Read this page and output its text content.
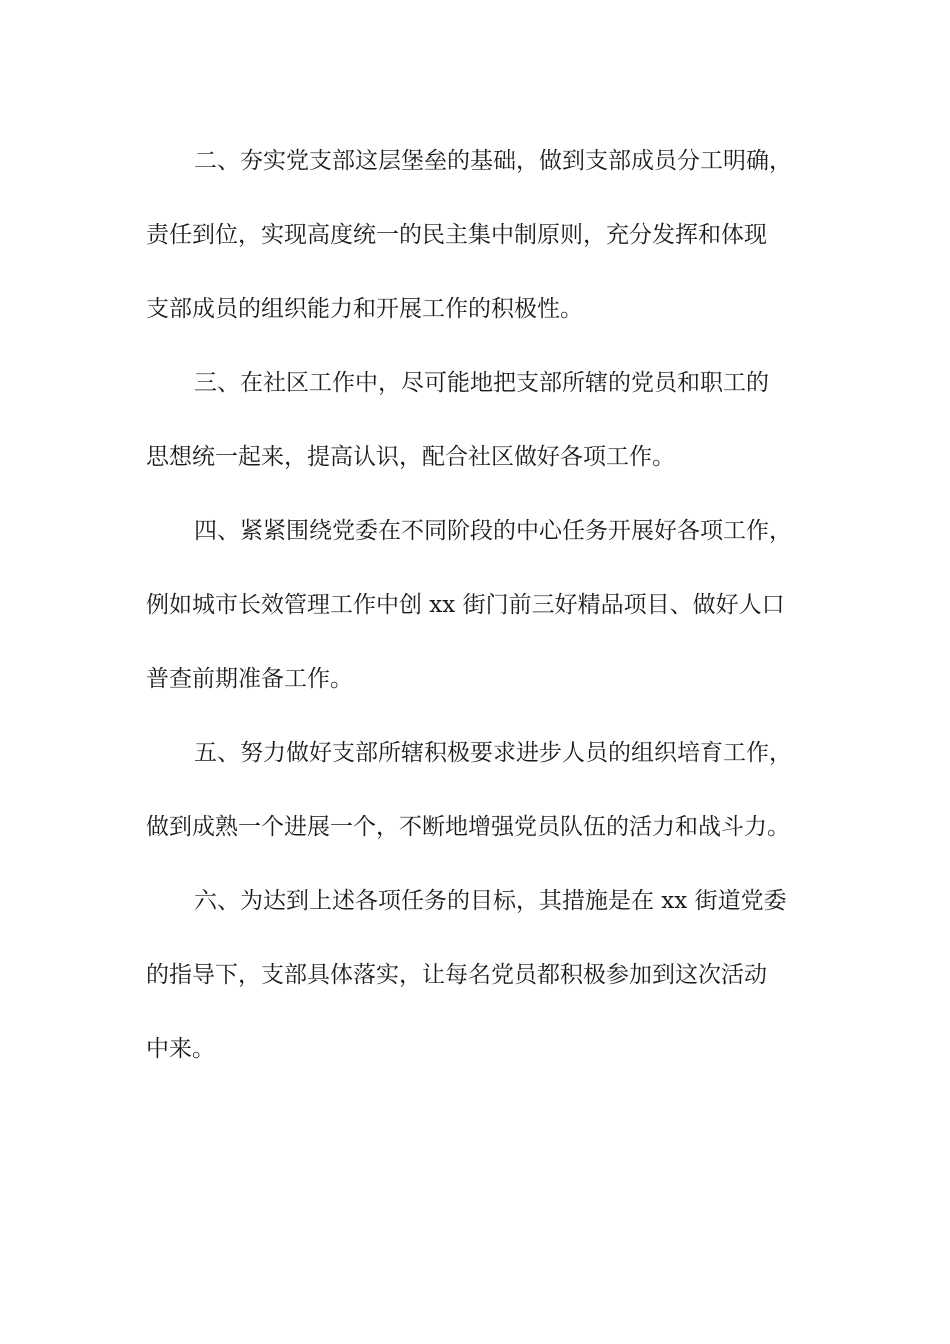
二、夯实党支部这层堡垒的基础，做到支部成员分工明确，
责任到位，实现高度统一的民主集中制原则，充分发挥和体现
支部成员的组织能力和开展工作的积极性。

三、在社区工作中，尽可能地把支部所辖的党员和职工的
思想统一起来，提高认识，配合社区做好各项工作。

四、紧紧围绕党委在不同阶段的中心任务开展好各项工作，
例如城市长效管理工作中创 xx 街门前三好精品项目、做好人口
普查前期准备工作。

五、努力做好支部所辖积极要求进步人员的组织培育工作，
做到成熟一个进展一个，不断地增强党员队伍的活力和战斗力。

六、为达到上述各项任务的目标，其措施是在 xx 街道党委
的指导下，支部具体落实，让每名党员都积极参加到这次活动
中来。
